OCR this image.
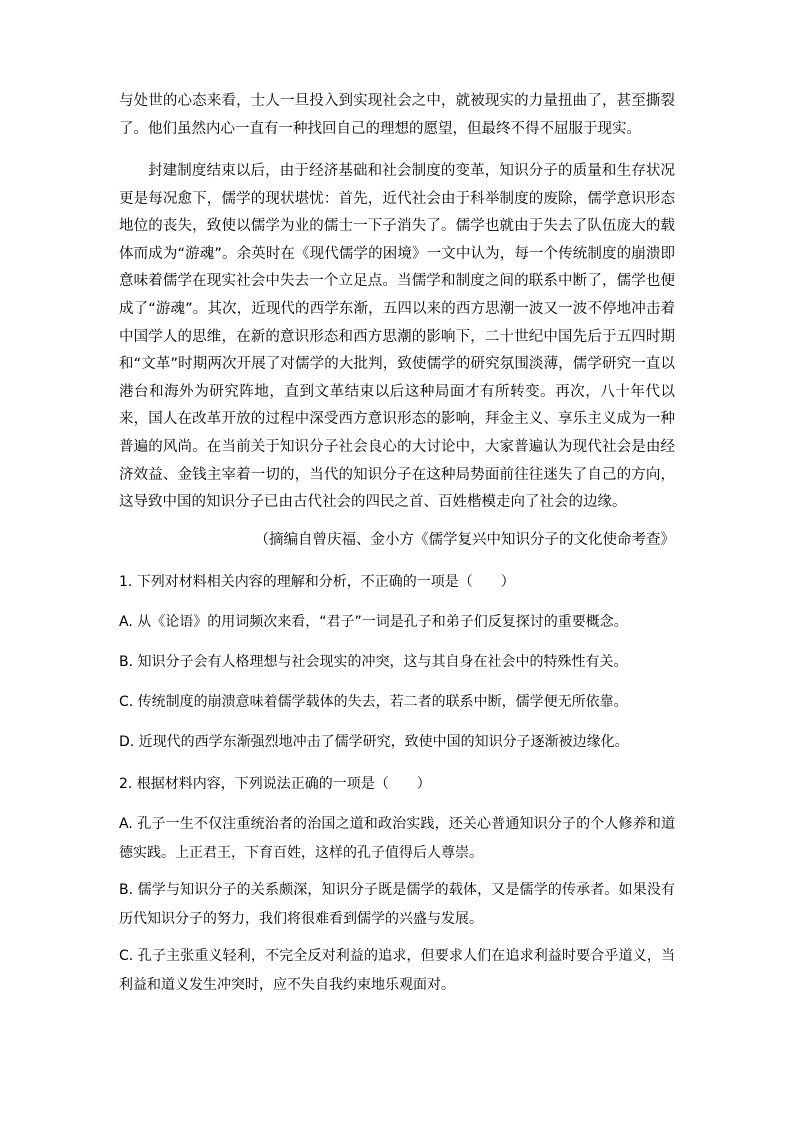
与处世的心态来看，士人一旦投入到实现社会之中，就被现实的力量扭曲了，甚至撕裂了。他们虽然内心一直有一种找回自己的理想的愿望，但最终不得不屈服于现实。

封建制度结束以后，由于经济基础和社会制度的变革，知识分子的质量和生存状况更是每况愈下，儒学的现状堪忧：首先，近代社会由于科举制度的废除，儒学意识形态地位的丧失，致使以儒学为业的儒士一下子消失了。儒学也就由于失去了队伍庞大的载体而成为“游魂”。余英时在《现代儒学的困境》一文中认为，每一个传统制度的崩溃即意味着儒学在现实社会中失去一个立足点。当儒学和制度之间的联系中断了，儒学也便成了“游魂”。其次，近现代的西学东渐，五四以来的西方思潮一波又一波不停地冲击着中国学人的思维，在新的意识形态和西方思潮的影响下，二十世纪中国先后于五四时期和“文革”时期两次开展了对儒学的大批判，致使儒学的研究氛围淡薄，儒学研究一直以港台和海外为研究阵地，直到文革结束以后这种局面才有所转变。再次，八十年代以来，国人在改革开放的过程中深受西方意识形态的影响，拜金主义、享乐主义成为一种普遍的风尚。在当前关于知识分子社会良心的大讨论中，大家普遍认为现代社会是由经济效益、金钱主宰着一切的，当代的知识分子在这种局势面前往往迷失了自己的方向，这导致中国的知识分子已由古代社会的四民之首、百姓楷模走向了社会的边缘。

（摘编自曾庆福、金小方《儒学复兴中知识分子的文化使命考查》

1. 下列对材料相关内容的理解和分析，不正确的一项是（　　）

A. 从《论语》的用词频次来看，“君子”一词是孔子和弟子们反复探讨的重要概念。

B. 知识分子会有人格理想与社会现实的冲突，这与其自身在社会中的特殊性有关。

C. 传统制度的崩溃意味着儒学载体的失去，若二者的联系中断，儒学便无所依靠。

D. 近现代的西学东渐强烈地冲击了儒学研究，致使中国的知识分子逐渐被边缘化。

2. 根据材料内容，下列说法正确的一项是（　　）

A. 孔子一生不仅注重统治者的治国之道和政治实践，还关心普通知识分子的个人修养和道德实践。上正君王，下育百姓，这样的孔子值得后人尊崇。

B. 儒学与知识分子的关系颇深，知识分子既是儒学的载体，又是儒学的传承者。如果没有历代知识分子的努力，我们将很难看到儒学的兴盛与发展。

C. 孔子主张重义轻利，不完全反对利益的追求，但要求人们在追求利益时要合乎道义，当利益和道义发生冲突时，应不失自我约束地乐观面对。
